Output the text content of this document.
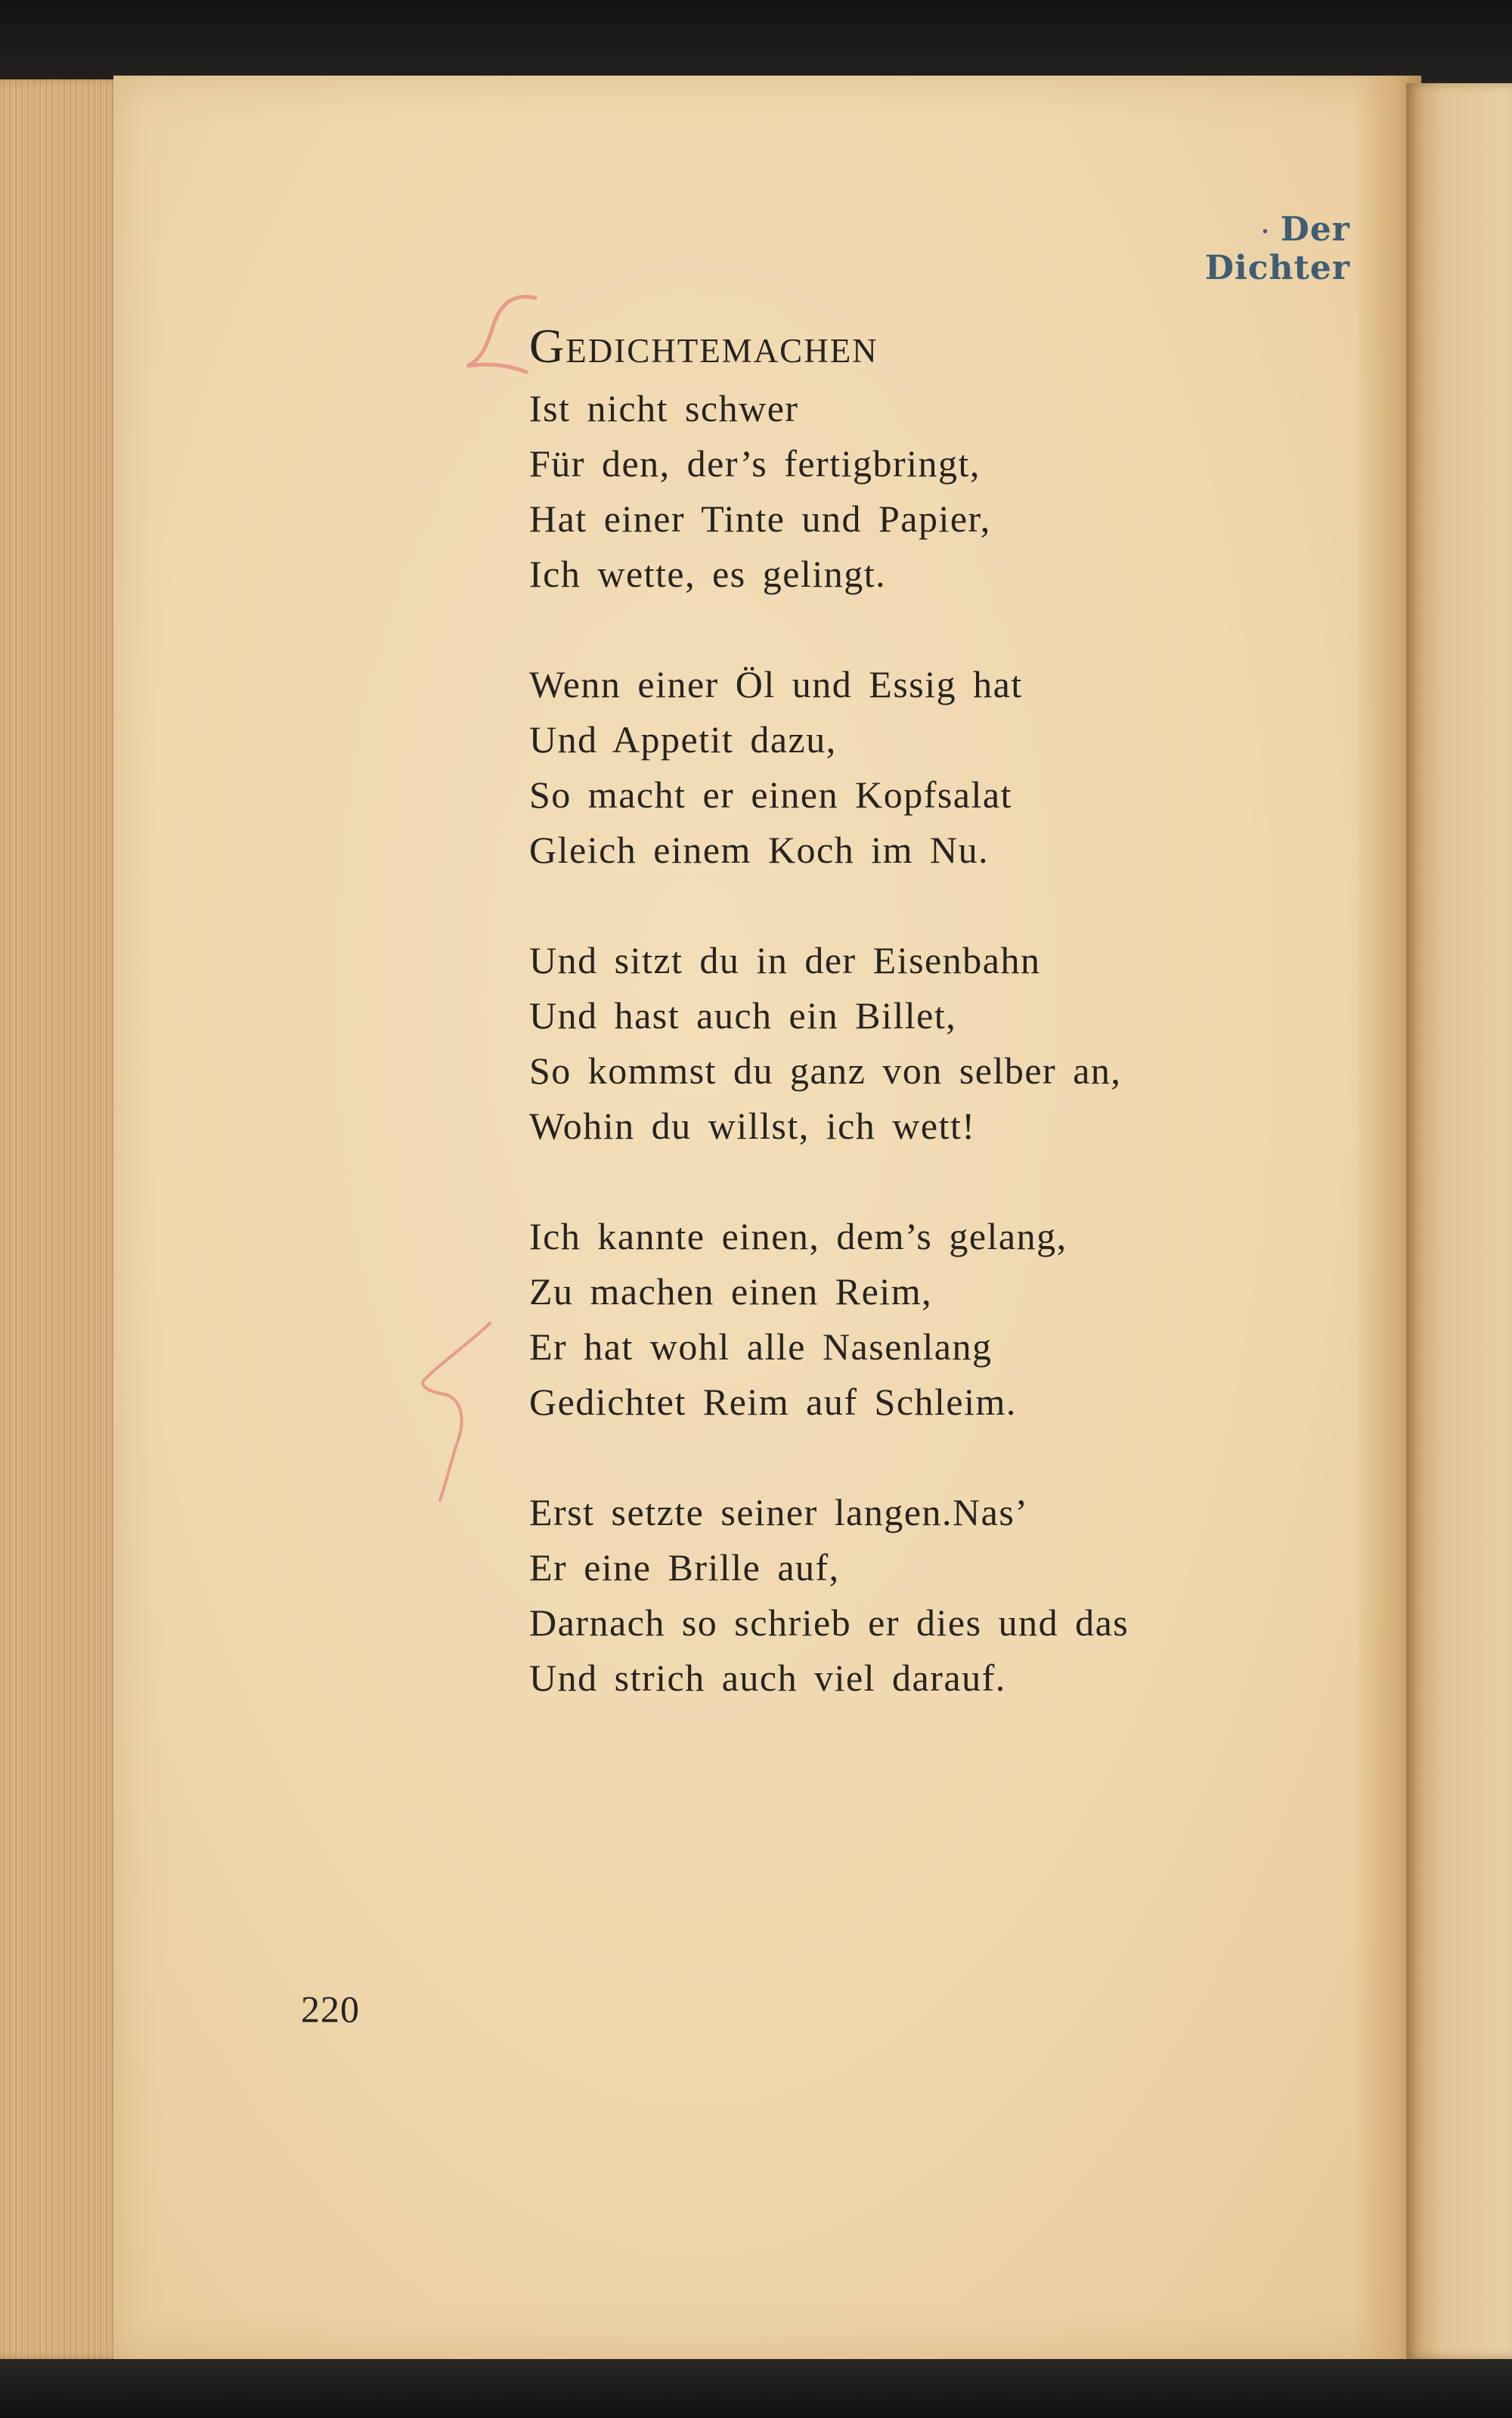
· Der Dichter
Gedichtemachen
Ist nicht schwer
Für den, der’s fertigbringt,
Hat einer Tinte und Papier,
Ich wette, es gelingt.
Wenn einer Öl und Essig hat
Und Appetit dazu,
So macht er einen Kopfsalat
Gleich einem Koch im Nu.
Und sitzt du in der Eisenbahn
Und hast auch ein Billet,
So kommst du ganz von selber an,
Wohin du willst, ich wett!
Ich kannte einen, dem’s gelang,
Zu machen einen Reim,
Er hat wohl alle Nasenlang
Gedichtet Reim auf Schleim.
Erst setzte seiner langen.Nas’
Er eine Brille auf,
Darnach so schrieb er dies und das
Und strich auch viel darauf.
220
